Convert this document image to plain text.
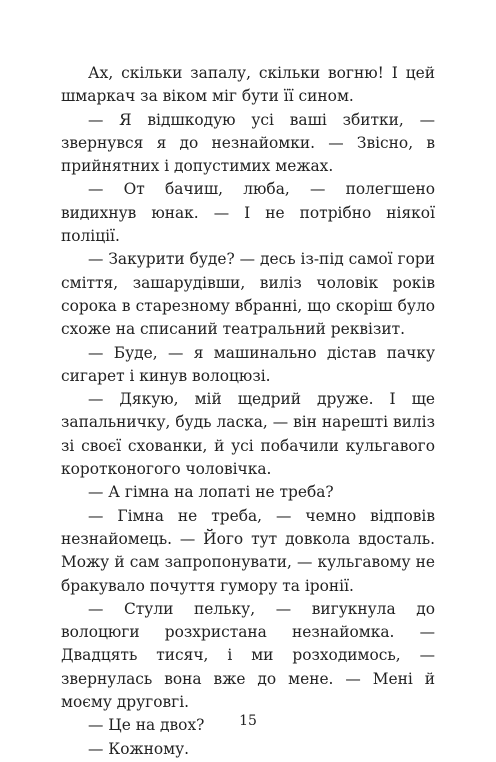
Ах, скільки запалу, скільки вогню! І цей шмаркач за віком міг бути її сином.

— Я відшкодую усі ваші збитки, — звернувся я до незнайомки. — Звісно, в прийнятних і допустимих межах.

— От бачиш, люба, — полегшено видихнув юнак. — І не потрібно ніякої поліції.

— Закурити буде? — десь із-під самої гори сміття, зашарудівши, виліз чоловік років сорока в старезному вбранні, що скоріш було схоже на списаний театральний реквізит.

— Буде, — я машинально дістав пачку сигарет і кинув волоцюзі.

— Дякую, мій щедрий друже. І ще запальничку, будь ласка, — він нарешті виліз зі своєї схованки, й усі побачили кульгавого коротконогого чоловічка.

— А гімна на лопаті не треба?

— Гімна не треба, — чемно відповів незнайомець. — Його тут довкола вдосталь. Можу й сам запропонувати, — кульгавому не бракувало почуття гумору та іронії.

— Стули пельку, — вигукнула до волоцюги розхристана незнайомка. — Двадцять тисяч, і ми розходимось, — звернулась вона вже до мене. — Мені й моєму друговгі.

— Це на двох?

— Кожному.

15
